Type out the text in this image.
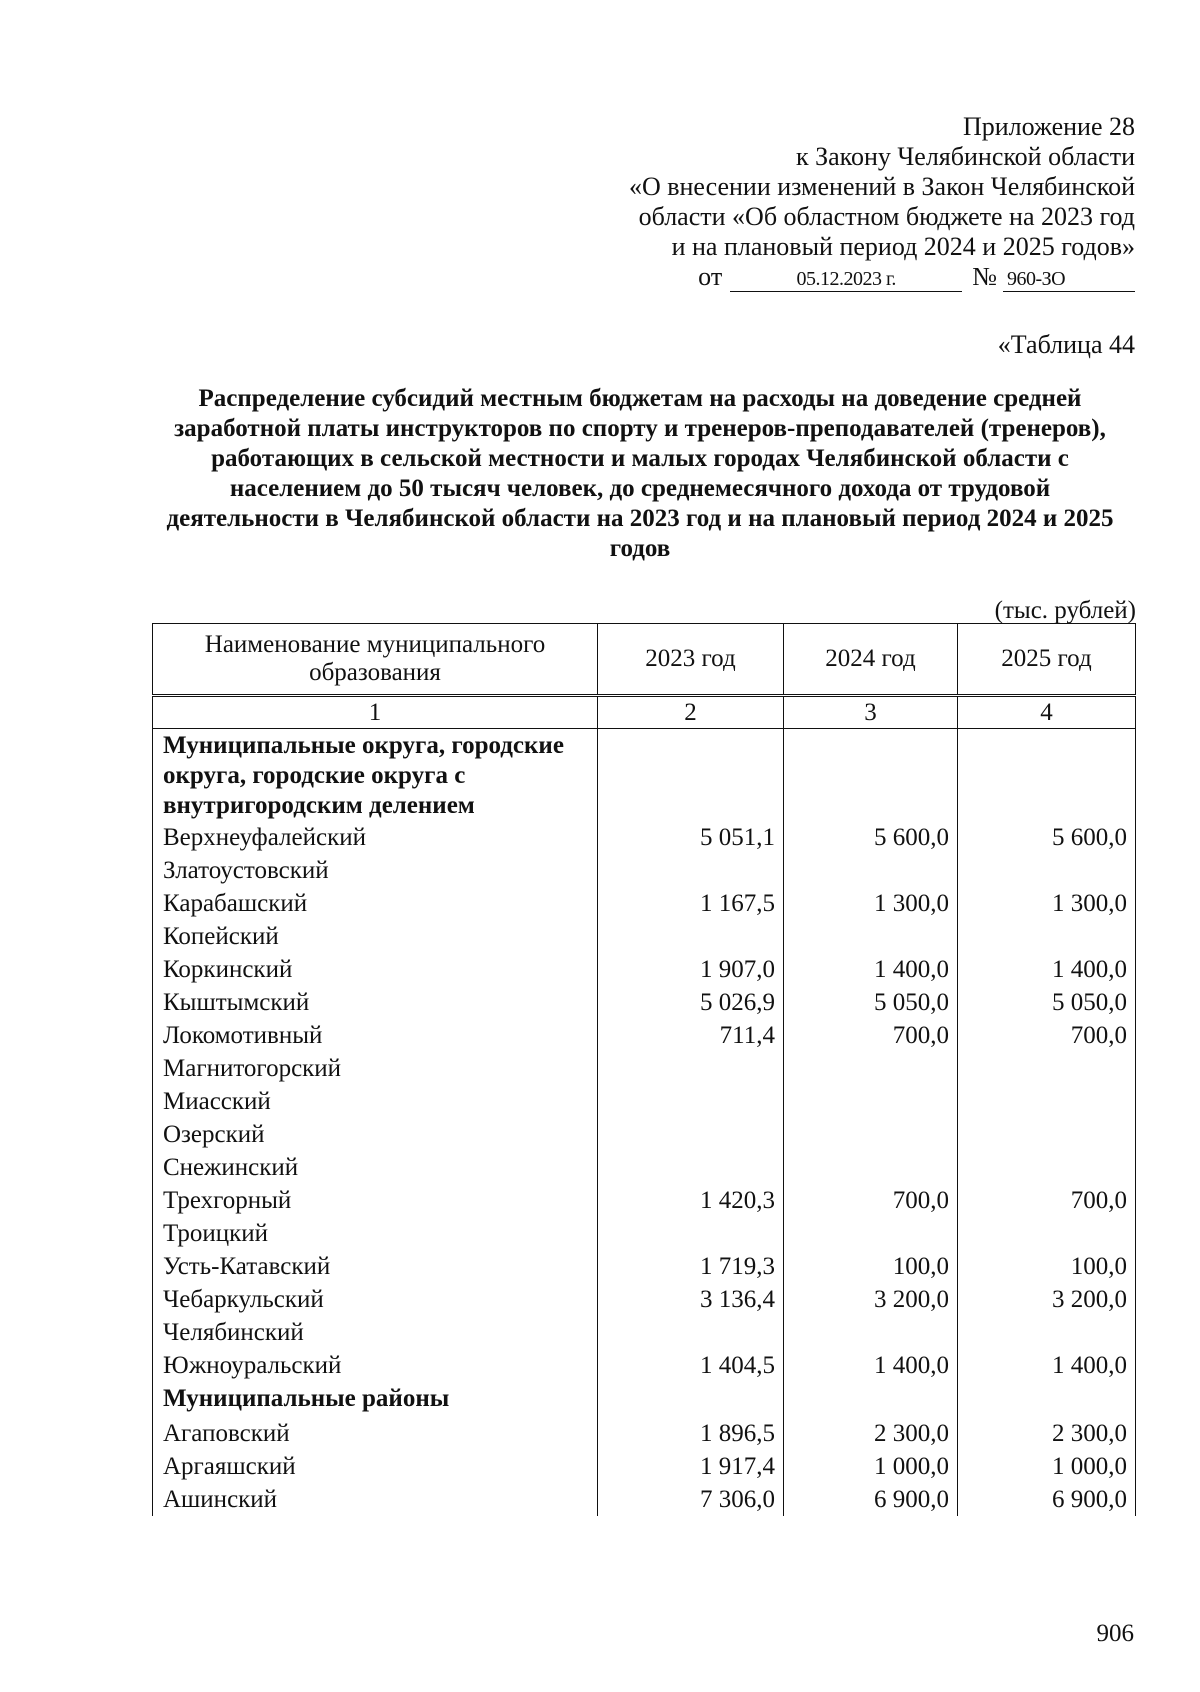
Приложение 28
к Закону Челябинской области
«О внесении изменений в Закон Челябинской
области «Об областном бюджете на 2023 год
и на плановый период 2024 и 2025 годов»
от	05.12.2023 г.	№ 960-ЗО
«Таблица 44
Распределение субсидий местным бюджетам на расходы на доведение средней заработной платы инструкторов по спорту и тренеров-преподавателей (тренеров), работающих в сельской местности и малых городах Челябинской области с населением до 50 тысяч человек, до среднемесячного дохода от трудовой деятельности в Челябинской области на 2023 год и на плановый период 2024 и 2025 годов
(тыс. рублей)
Наименование муниципального образования	2023 год	2024 год	2025 год
1	2	3	4
Муниципальные округа, городские округа, городские округа с внутригородским делением			
Верхнеуфалейский	5 051,1	5 600,0	5 600,0
Златоустовский			
Карабашский	1 167,5	1 300,0	1 300,0
Копейский			
Коркинский	1 907,0	1 400,0	1 400,0
Кыштымский	5 026,9	5 050,0	5 050,0
Локомотивный	711,4	700,0	700,0
Магнитогорский			
Миасский			
Озерский			
Снежинский			
Трехгорный	1 420,3	700,0	700,0
Троицкий			
Усть-Катавский	1 719,3	100,0	100,0
Чебаркульский	3 136,4	3 200,0	3 200,0
Челябинский			
Южноуральский	1 404,5	1 400,0	1 400,0
Муниципальные районы			
Агаповский	1 896,5	2 300,0	2 300,0
Аргаяшский	1 917,4	1 000,0	1 000,0
Ашинский	7 306,0	6 900,0	6 900,0
906
